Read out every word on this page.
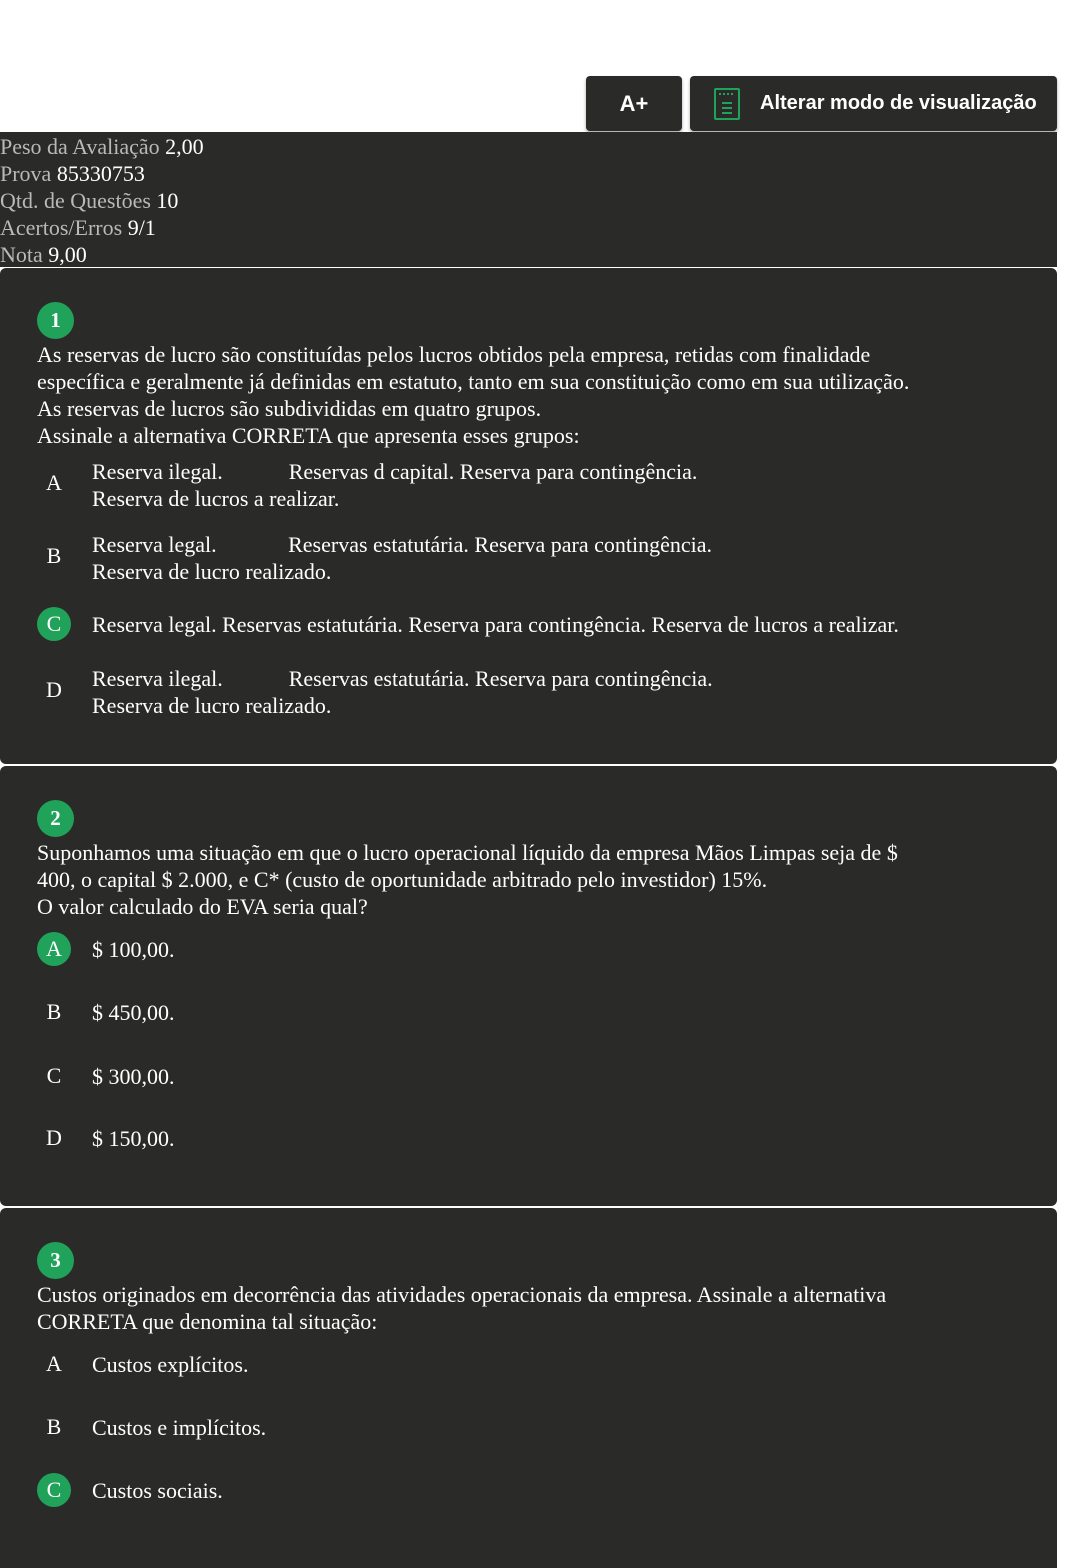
A+	Alterar modo de visualização
Peso da Avaliação 2,00
Prova 85330753
Qtd. de Questões 10
Acertos/Erros 9/1
Nota 9,00
1
As reservas de lucro são constituídas pelos lucros obtidos pela empresa, retidas com finalidade
específica e geralmente já definidas em estatuto, tanto em sua constituição como em sua utilização.
As reservas de lucros são subdivididas em quatro grupos.
Assinale a alternativa CORRETA que apresenta esses grupos:
A	Reserva ilegal.            Reservas d capital. Reserva para contingência.
Reserva de lucros a realizar.
B	Reserva legal.             Reservas estatutária. Reserva para contingência.
Reserva de lucro realizado.
C	Reserva legal. Reservas estatutária. Reserva para contingência. Reserva de lucros a realizar.
D	Reserva ilegal.            Reservas estatutária. Reserva para contingência.
Reserva de lucro realizado.
2
Suponhamos uma situação em que o lucro operacional líquido da empresa Mãos Limpas seja de $
400, o capital $ 2.000, e C* (custo de oportunidade arbitrado pelo investidor) 15%.
O valor calculado do EVA seria qual?
A	$ 100,00.
B	$ 450,00.
C	$ 300,00.
D	$ 150,00.
3
Custos originados em decorrência das atividades operacionais da empresa. Assinale a alternativa
CORRETA que denomina tal situação:
A	Custos explícitos.
B	Custos e implícitos.
C	Custos sociais.
